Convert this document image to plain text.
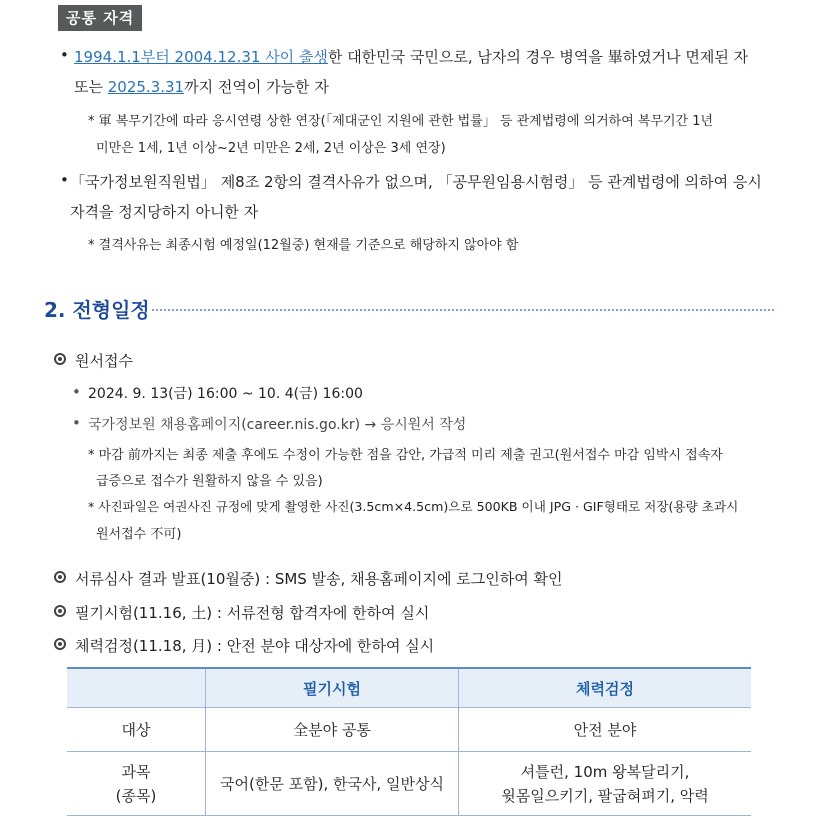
공통 자격
• 1994.1.1부터 2004.12.31 사이 출생한 대한민국 국민으로, 남자의 경우 병역을 畢하였거나 면제된 자
또는 2025.3.31까지 전역이 가능한 자
* 軍 복무기간에 따라 응시연령 상한 연장(「제대군인 지원에 관한 법률」 등 관계법령에 의거하여 복무기간 1년
미만은 1세, 1년 이상~2년 미만은 2세, 2년 이상은 3세 연장)
• 「국가정보원직원법」 제8조 2항의 결격사유가 없으며, 「공무원임용시험령」 등 관계법령에 의하여 응시
자격을 정지당하지 아니한 자
* 결격사유는 최종시험 예정일(12월중) 현재를 기준으로 해당하지 않아야 함
2. 전형일정
원서접수
• 2024. 9. 13(금) 16:00 ~ 10. 4(금) 16:00
• 국가정보원 채용홈페이지(career.nis.go.kr) → 응시원서 작성
* 마감 前까지는 최종 제출 후에도 수정이 가능한 점을 감안, 가급적 미리 제출 권고(원서접수 마감 임박시 접속자
급증으로 접수가 원활하지 않을 수 있음)
* 사진파일은 여권사진 규정에 맞게 촬영한 사진(3.5cm×4.5cm)으로 500KB 이내 JPG · GIF형태로 저장(용량 초과시
원서접수 不可)
서류심사 결과 발표(10월중) : SMS 발송, 채용홈페이지에 로그인하여 확인
필기시험(11.16, 土) : 서류전형 합격자에 한하여 실시
체력검정(11.18, 月) : 안전 분야 대상자에 한하여 실시
	필기시험	체력검정
대상	全분야 공통	안전 분야
과목
(종목)	국어(한문 포함), 한국사, 일반상식	셔틀런, 10m 왕복달리기,
윗몸일으키기, 팔굽혀펴기, 악력
